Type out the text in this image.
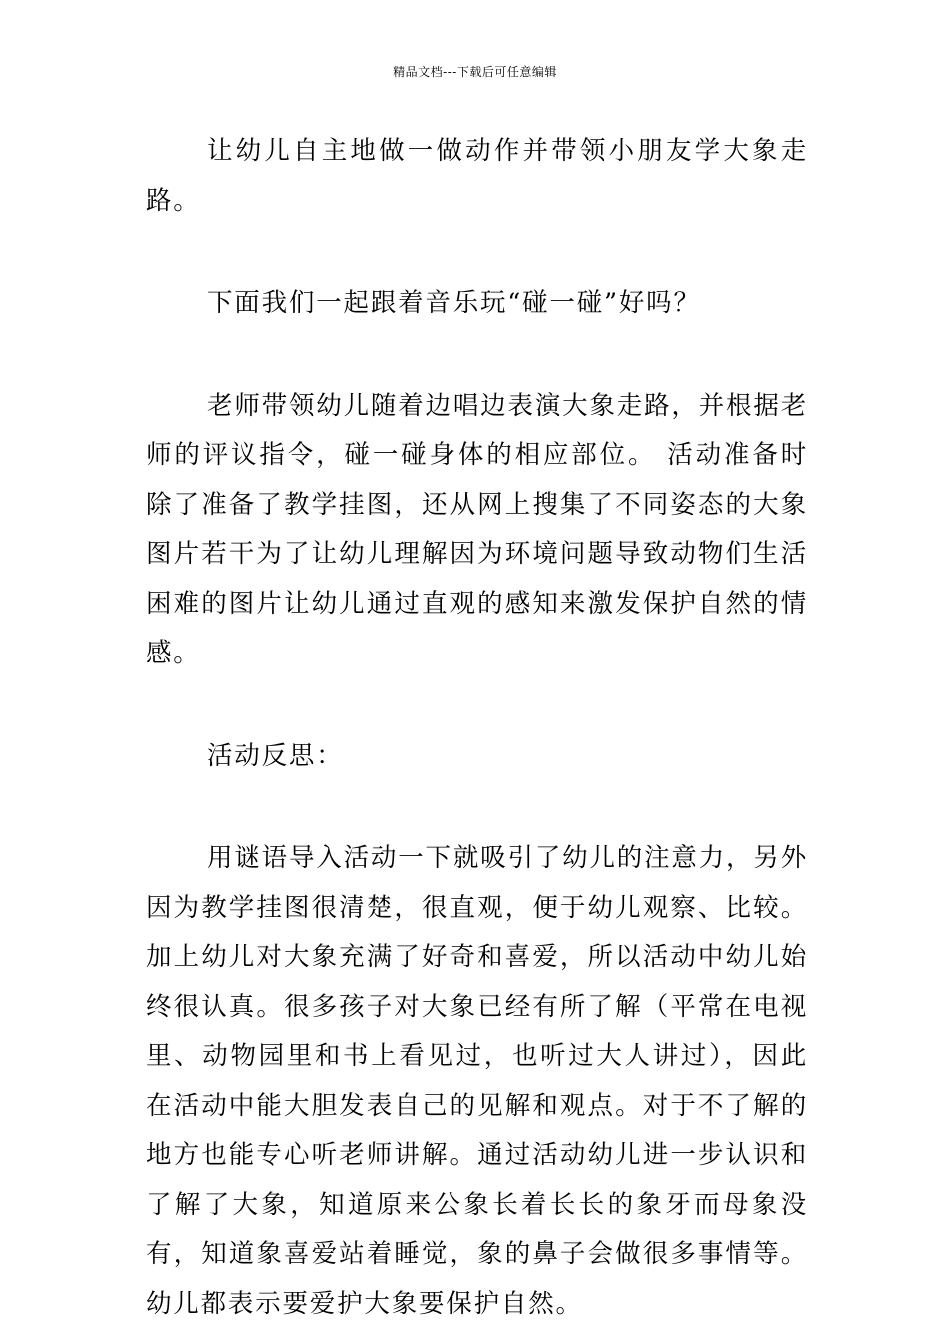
精品文档---下载后可任意编辑

让幼儿自主地做一做动作并带领小朋友学大象走路。

下面我们一起跟着音乐玩“碰一碰”好吗？

老师带领幼儿随着边唱边表演大象走路，并根据老师的评议指令，碰一碰身体的相应部位。 活动准备时除了准备了教学挂图，还从网上搜集了不同姿态的大象图片若干为了让幼儿理解因为环境问题导致动物们生活困难的图片让幼儿通过直观的感知来激发保护自然的情感。

活动反思：

用谜语导入活动一下就吸引了幼儿的注意力，另外因为教学挂图很清楚，很直观，便于幼儿观察、比较。加上幼儿对大象充满了好奇和喜爱，所以活动中幼儿始终很认真。很多孩子对大象已经有所了解（平常在电视里、动物园里和书上看见过，也听过大人讲过），因此在活动中能大胆发表自己的见解和观点。对于不了解的地方也能专心听老师讲解。通过活动幼儿进一步认识和了解了大象，知道原来公象长着长长的象牙而母象没有，知道象喜爱站着睡觉，象的鼻子会做很多事情等。幼儿都表示要爱护大象要保护自然。
